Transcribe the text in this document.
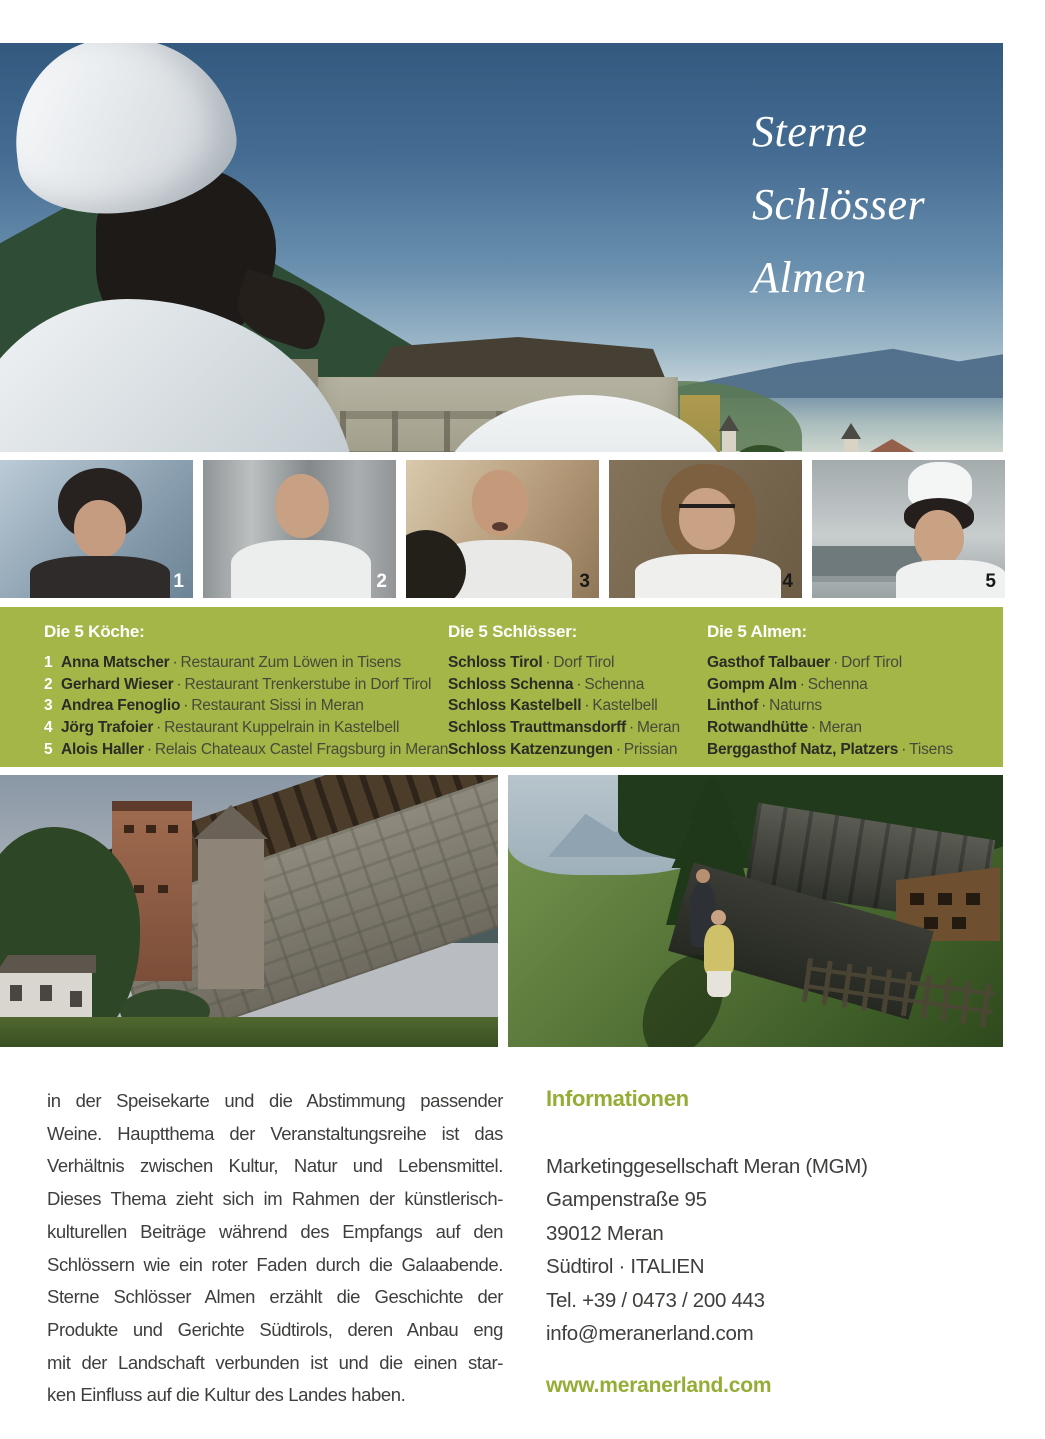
Sterne
Schlösser
Almen
1	2	3	4	5
Die 5 Köche:
1 Anna Matscher · Restaurant Zum Löwen in Tisens
2 Gerhard Wieser · Restaurant Trenkerstube in Dorf Tirol
3 Andrea Fenoglio · Restaurant Sissi in Meran
4 Jörg Trafoier · Restaurant Kuppelrain in Kastelbell
5 Alois Haller · Relais Chateaux Castel Fragsburg in Meran
Die 5 Schlösser:
Schloss Tirol · Dorf Tirol
Schloss Schenna · Schenna
Schloss Kastelbell · Kastelbell
Schloss Trauttmansdorff · Meran
Schloss Katzenzungen · Prissian
Die 5 Almen:
Gasthof Talbauer · Dorf Tirol
Gompm Alm · Schenna
Linthof · Naturns
Rotwandhütte · Meran
Berggasthof Natz, Platzers · Tisens
in der Speisekarte und die Abstimmung passender
Weine. Hauptthema der Veranstaltungsreihe ist das
Verhältnis zwischen Kultur, Natur und Lebensmittel.
Dieses Thema zieht sich im Rahmen der künstlerisch-
kulturellen Beiträge während des Empfangs auf den
Schlössern wie ein roter Faden durch die Galaabende.
Sterne Schlösser Almen erzählt die Geschichte der
Produkte und Gerichte Südtirols, deren Anbau eng
mit der Landschaft verbunden ist und die einen star-
ken Einfluss auf die Kultur des Landes haben.
Informationen
Marketinggesellschaft Meran (MGM)
Gampenstraße 95
39012 Meran
Südtirol · ITALIEN
Tel. +39 / 0473 / 200 443
info@meranerland.com
www.meranerland.com
